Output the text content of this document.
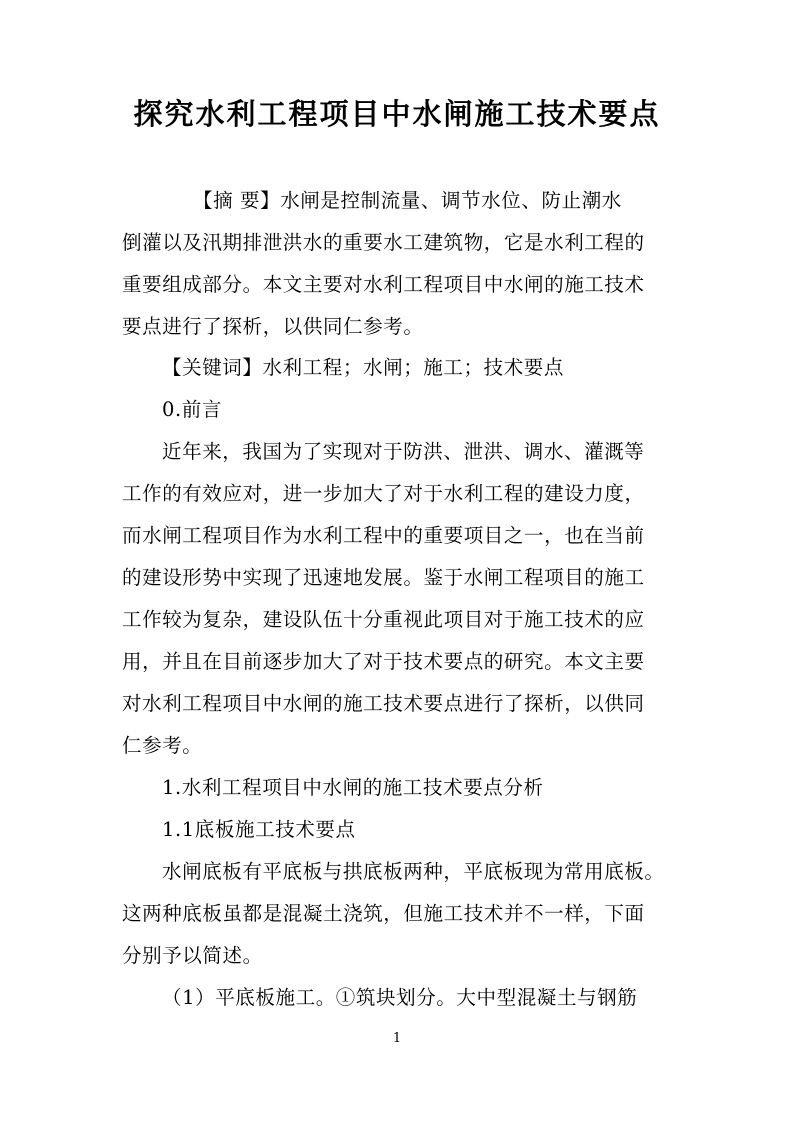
探究水利工程项目中水闸施工技术要点
【摘 要】水闸是控制流量、调节水位、防止潮水
倒灌以及汛期排泄洪水的重要水工建筑物，它是水利工程的
重要组成部分。本文主要对水利工程项目中水闸的施工技术
要点进行了探析，以供同仁参考。
【关键词】水利工程；水闸；施工；技术要点
0.前言
近年来，我国为了实现对于防洪、泄洪、调水、灌溉等
工作的有效应对，进一步加大了对于水利工程的建设力度，
而水闸工程项目作为水利工程中的重要项目之一，也在当前
的建设形势中实现了迅速地发展。鉴于水闸工程项目的施工
工作较为复杂，建设队伍十分重视此项目对于施工技术的应
用，并且在目前逐步加大了对于技术要点的研究。本文主要
对水利工程项目中水闸的施工技术要点进行了探析，以供同
仁参考。
1.水利工程项目中水闸的施工技术要点分析
1.1底板施工技术要点
水闸底板有平底板与拱底板两种，平底板现为常用底板。
这两种底板虽都是混凝土浇筑，但施工技术并不一样，下面
分别予以简述。
（1）平底板施工。①筑块划分。大中型混凝土与钢筋
1
